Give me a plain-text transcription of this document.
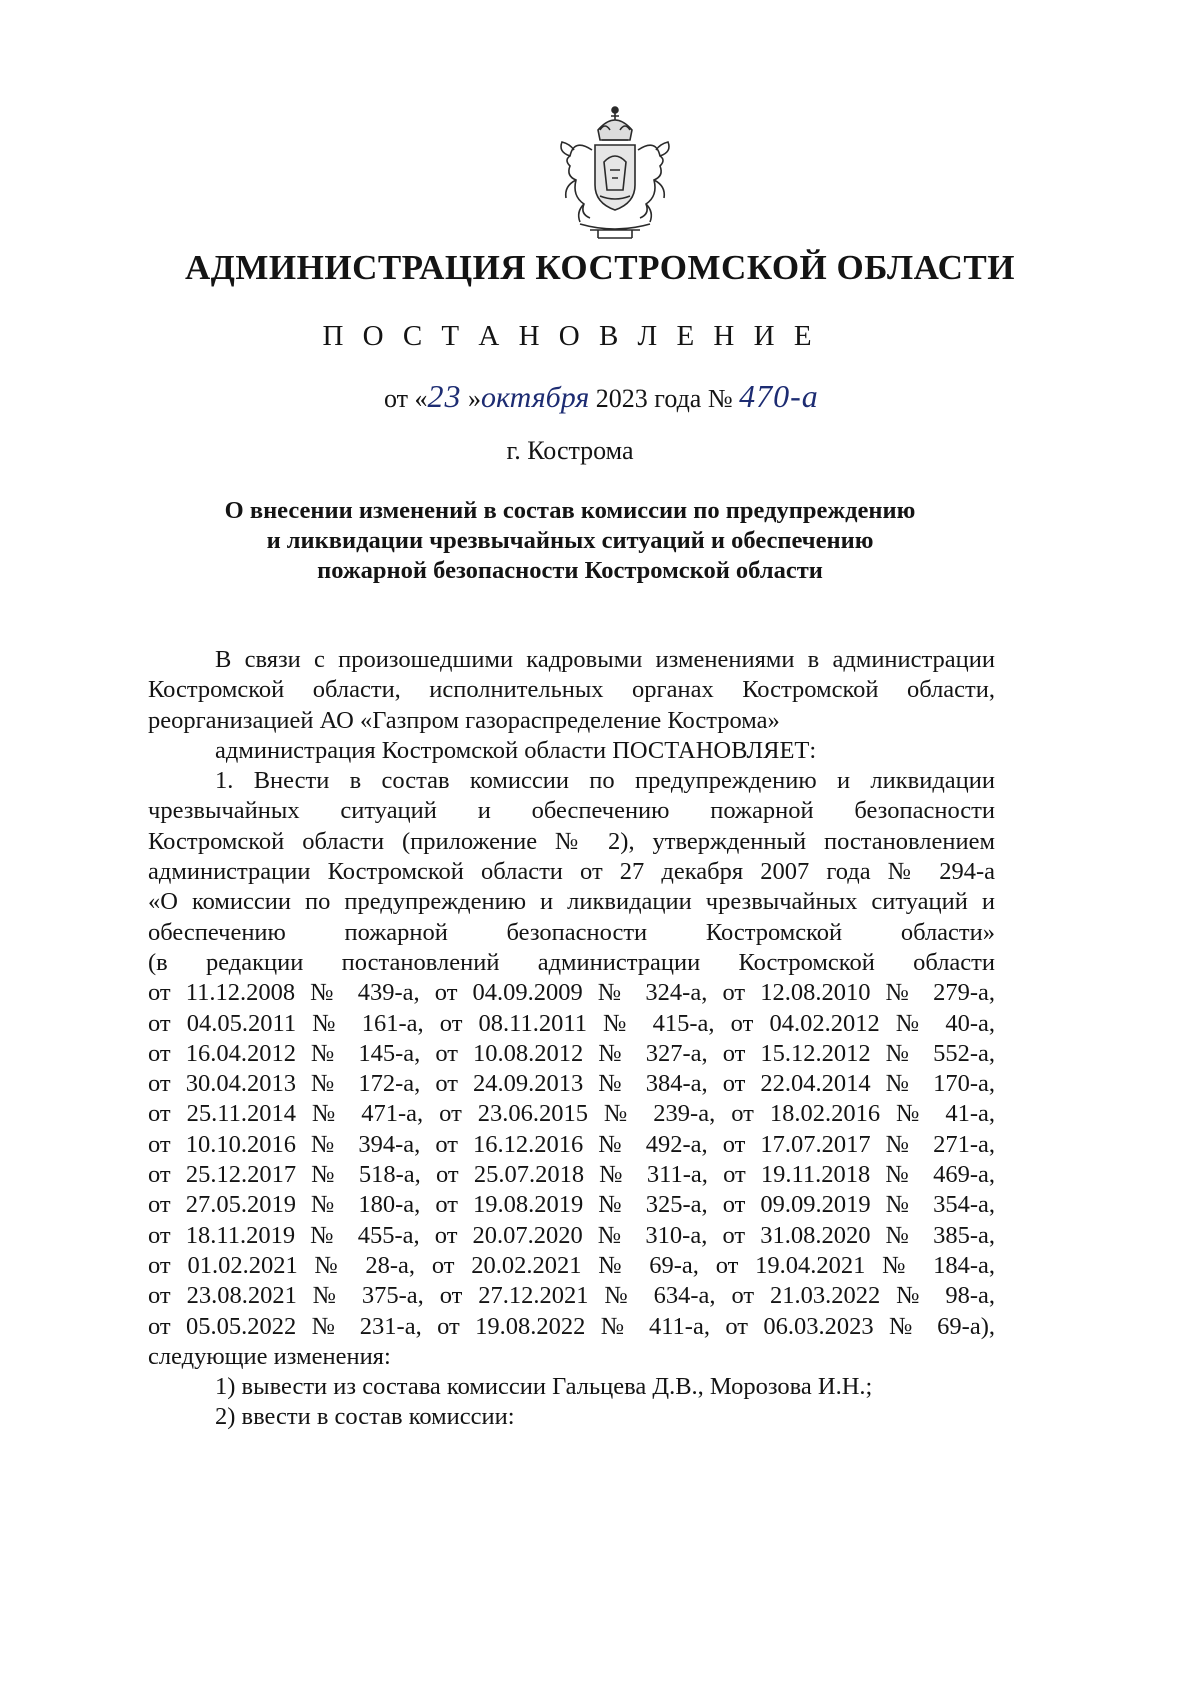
АДМИНИСТРАЦИЯ КОСТРОМСКОЙ ОБЛАСТИ
П О С Т А Н О В Л Е Н И Е
от «23 »октября 2023 года № 470-а
г. Кострома
О внесении изменений в состав комиссии по предупреждению
и ликвидации чрезвычайных ситуаций и обеспечению
пожарной безопасности Костромской области
В связи с произошедшими кадровыми изменениями в администрации
Костромской области, исполнительных органах Костромской области,
реорганизацией АО «Газпром газораспределение Кострома»
администрация Костромской области ПОСТАНОВЛЯЕТ:
1. Внести в состав комиссии по предупреждению и ликвидации
чрезвычайных ситуаций и обеспечению пожарной безопасности
Костромской области (приложение № 2), утвержденный постановлением
администрации Костромской области от 27 декабря 2007 года № 294-а
«О комиссии по предупреждению и ликвидации чрезвычайных ситуаций и
обеспечению пожарной безопасности Костромской области»
(в редакции постановлений администрации Костромской области
от 11.12.2008 № 439-а, от 04.09.2009 № 324-а, от 12.08.2010 № 279-а,
от 04.05.2011 № 161-а, от 08.11.2011 № 415-а, от 04.02.2012 № 40-а,
от 16.04.2012 № 145-а, от 10.08.2012 № 327-а, от 15.12.2012 № 552-а,
от 30.04.2013 № 172-а, от 24.09.2013 № 384-а, от 22.04.2014 № 170-а,
от 25.11.2014 № 471-а, от 23.06.2015 № 239-а, от 18.02.2016 № 41-а,
от 10.10.2016 № 394-а, от 16.12.2016 № 492-а, от 17.07.2017 № 271-а,
от 25.12.2017 № 518-а, от 25.07.2018 № 311-а, от 19.11.2018 № 469-а,
от 27.05.2019 № 180-а, от 19.08.2019 № 325-а, от 09.09.2019 № 354-а,
от 18.11.2019 № 455-а, от 20.07.2020 № 310-а, от 31.08.2020 № 385-а,
от 01.02.2021 № 28-а, от 20.02.2021 № 69-а, от 19.04.2021 № 184-а,
от 23.08.2021 № 375-а, от 27.12.2021 № 634-а, от 21.03.2022 № 98-а,
от 05.05.2022 № 231-а, от 19.08.2022 № 411-а, от 06.03.2023 № 69-а),
следующие изменения:
1) вывести из состава комиссии Гальцева Д.В., Морозова И.Н.;
2) ввести в состав комиссии:
